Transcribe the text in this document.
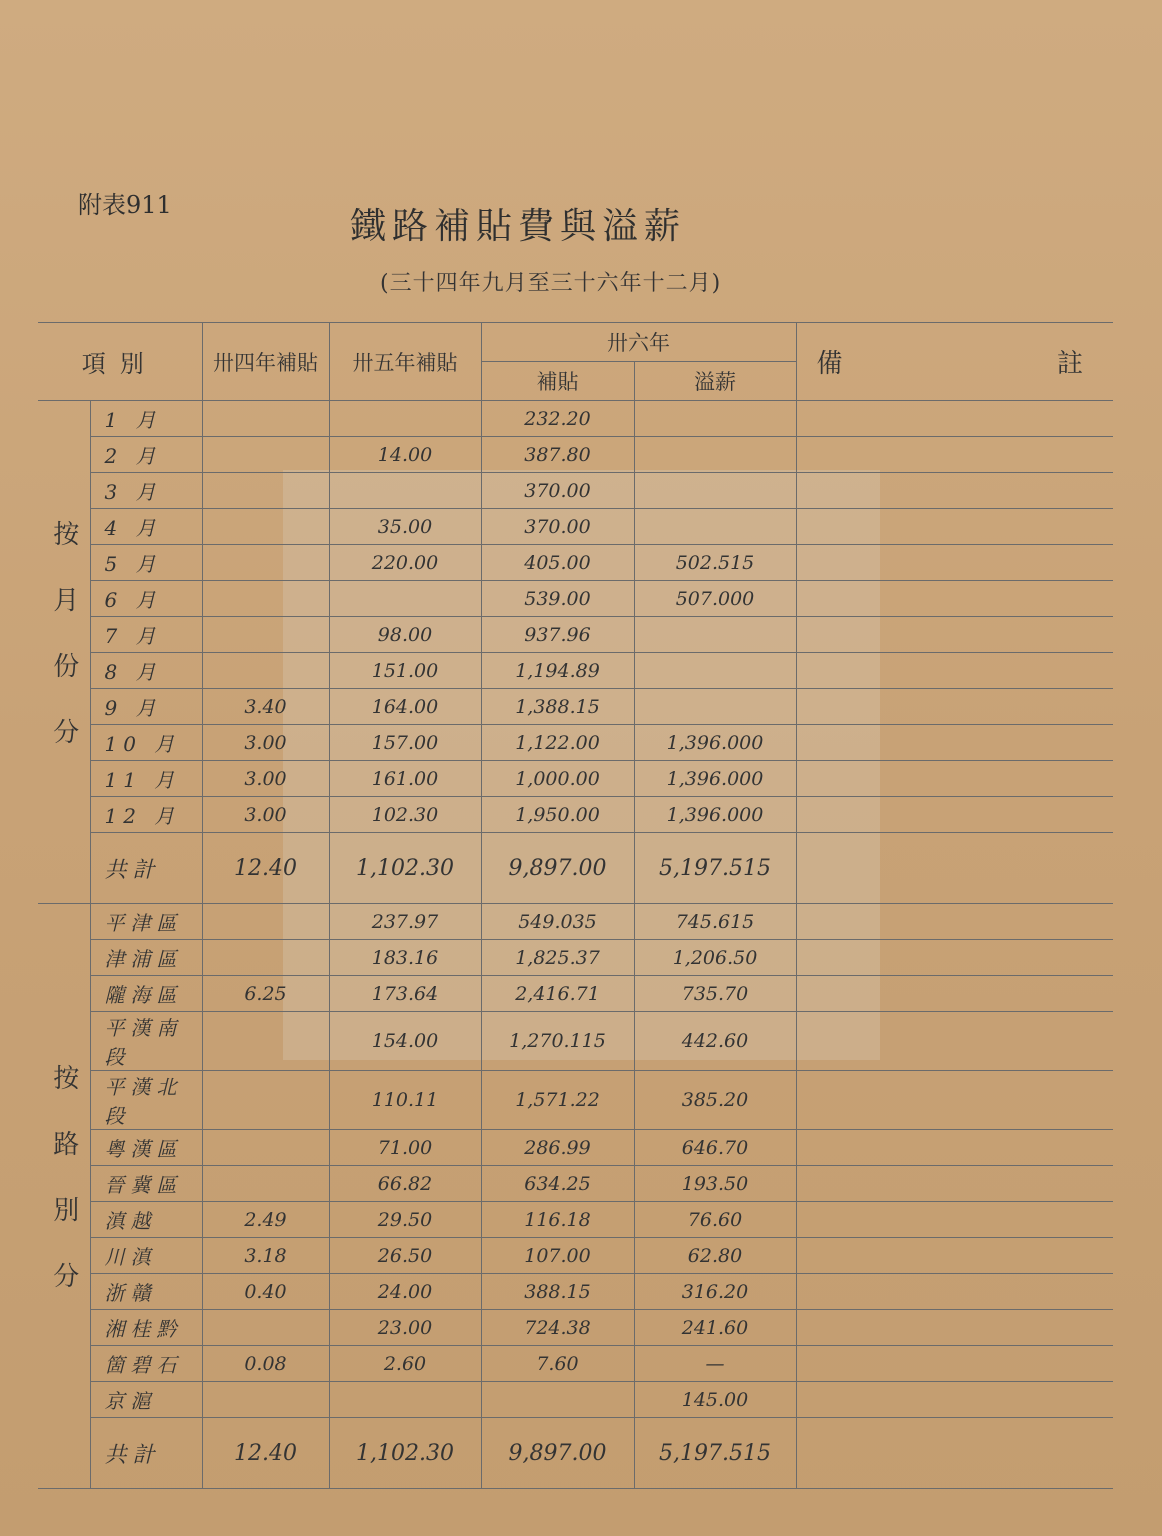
附表911
鐵路補貼費與溢薪
(三十四年九月至三十六年十二月)
項別		卅四年補貼	卅五年補貼	卅六年		備 註

				補貼	溢薪	
按月份分	1 月			232.20		
	2 月		14.00	387.80		
	3 月			370.00		
	4 月		35.00	370.00		
	5 月		220.00	405.00	502.515	
	6 月			539.00	507.000	
	7 月		98.00	937.96		
	8 月		151.00	1,194.89		
	9 月	3.40	164.00	1,388.15		
	10 月	3.00	157.00	1,122.00	1,396.000	
	11 月	3.00	161.00	1,000.00	1,396.000	
	12 月	3.00	102.30	1,950.00	1,396.000	
	共計	12.40	1,102.30	9,897.00	5,197.515	
按路別分	平津區		237.97	549.035	745.615	
	津浦區		183.16	1,825.37	1,206.50	
	隴海區	6.25	173.64	2,416.71	735.70	
	平漢南段		154.00	1,270.115	442.60	
	平漢北段		110.11	1,571.22	385.20	
	粵漢區		71.00	286.99	646.70	
	晉冀區		66.82	634.25	193.50	
	滇越	2.49	29.50	116.18	76.60	
	川滇	3.18	26.50	107.00	62.80	
	浙贛	0.40	24.00	388.15	316.20	
	湘桂黔		23.00	724.38	241.60	
	箇碧石	0.08	2.60	7.60	—	
	京滬				145.00	
	共計	12.40	1,102.30	9,897.00	5,197.515	
